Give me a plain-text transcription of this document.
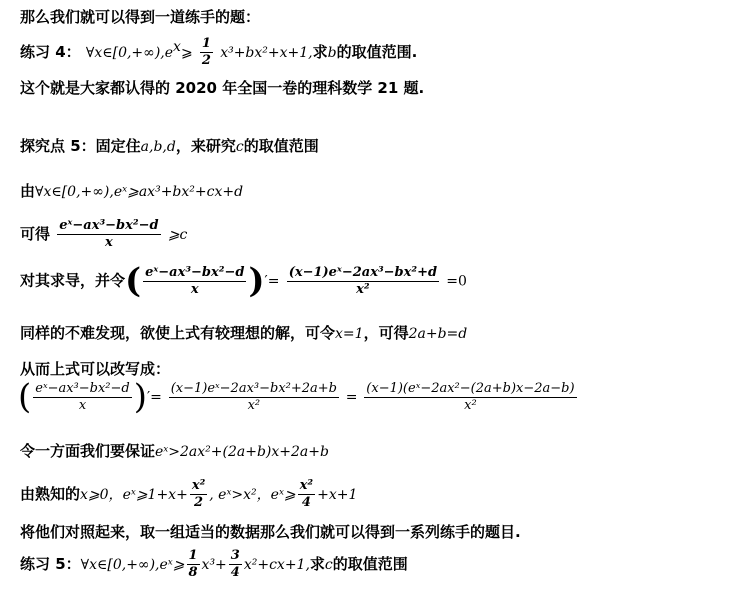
那么我们就可以得到一道练手的题：
练习 4： $\forall x\in[0,+\infty),e^x⩾ \frac{1}{2} x^3+bx^2+x+1$,求b的取值范围.
这个就是大家都认得的 2020 年全国一卷的理科数学 21 题.
探究点 5：固定住a,b,d，来研究c的取值范围
由∀x∈[0,+∞),eˣ⩾ax³+bx²+cx+d
可得 $\frac{\text{eˣ−ax³−bx²−d}}{x}$ ⩾c
对其求导，并令( $\frac{\text{eˣ−ax³−bx²−d}}{x}$ )′= $\frac{\text{(x−1)eˣ−2ax³−bx²+d}}{\text{x²}} =0$
同样的不难发现，欲使上式有较理想的解，可令x=1，可得2a+b=d
从而上式可以改写成：
( $\frac{\text{eˣ−ax³−bx²−d}}{x}$ )′= $\frac{\text{(x−1)eˣ−2ax³−bx²+2a+b}}{\text{x²}} = \frac{\text{(x−1)(eˣ−2ax²−(2a+b)x−2a−b)}}{\text{x²}}$
令一方面我们要保证eˣ>2ax²+(2a+b)x+2a+b
由熟知的x⩾0，eˣ⩾1+x+ $\frac{\text{x²}}{2}$ , eˣ>x²，eˣ⩾ $\frac{\text{x²}}{4} +x+1$
将他们对照起来，取一组适当的数据那么我们就可以得到一系列练手的题目.
练习 5：∀x∈[0,+∞),eˣ⩾ $\frac{1}{8} x^3+ \frac{3}{4} x^2+cx+1$,求c的取值范围
